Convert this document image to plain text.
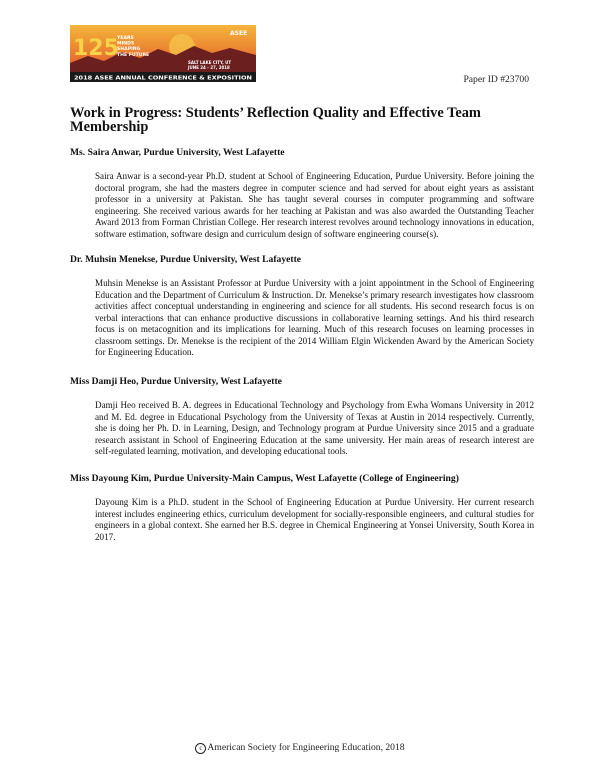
125
YEARS MINDS SHAPING THE FUTURE
ASEE
SALT LAKE CITY, UT JUNE 24 - 27, 2018
2018 ASEE ANNUAL CONFERENCE & EXPOSITION	Paper ID #23700
Work in Progress: Students’ Reflection Quality and Effective Team Membership

Ms. Saira Anwar, Purdue University, West Lafayette

Saira Anwar is a second-year Ph.D. student at School of Engineering Education, Purdue University. Before joining the doctoral program, she had the masters degree in computer science and had served for about eight years as assistant professor in a university at Pakistan. She has taught several courses in computer programming and software engineering. She received various awards for her teaching at Pakistan and was also awarded the Outstanding Teacher Award 2013 from Forman Christian College. Her research interest revolves around technology innovations in education, software estimation, software design and curriculum design of software engineering course(s).

Dr. Muhsin Menekse, Purdue University, West Lafayette

Muhsin Menekse is an Assistant Professor at Purdue University with a joint appointment in the School of Engineering Education and the Department of Curriculum & Instruction. Dr. Menekse’s primary research investigates how classroom activities affect conceptual understanding in engineering and science for all students. His second research focus is on verbal interactions that can enhance productive discussions in collaborative learning settings. And his third research focus is on metacognition and its implications for learning. Much of this research focuses on learning processes in classroom settings. Dr. Menekse is the recipient of the 2014 William Elgin Wickenden Award by the American Society for Engineering Education.

Miss Damji Heo, Purdue University, West Lafayette

Damji Heo received B. A. degrees in Educational Technology and Psychology from Ewha Womans University in 2012 and M. Ed. degree in Educational Psychology from the University of Texas at Austin in 2014 respectively. Currently, she is doing her Ph. D. in Learning, Design, and Technology program at Purdue University since 2015 and a graduate research assistant in School of Engineering Education at the same university. Her main areas of research interest are self-regulated learning, motivation, and developing educational tools.

Miss Dayoung Kim, Purdue University-Main Campus, West Lafayette (College of Engineering)

Dayoung Kim is a Ph.D. student in the School of Engineering Education at Purdue University. Her current research interest includes engineering ethics, curriculum development for socially-responsible engineers, and cultural studies for engineers in a global context. She earned her B.S. degree in Chemical Engineering at Yonsei University, South Korea in 2017.

c American Society for Engineering Education, 2018
